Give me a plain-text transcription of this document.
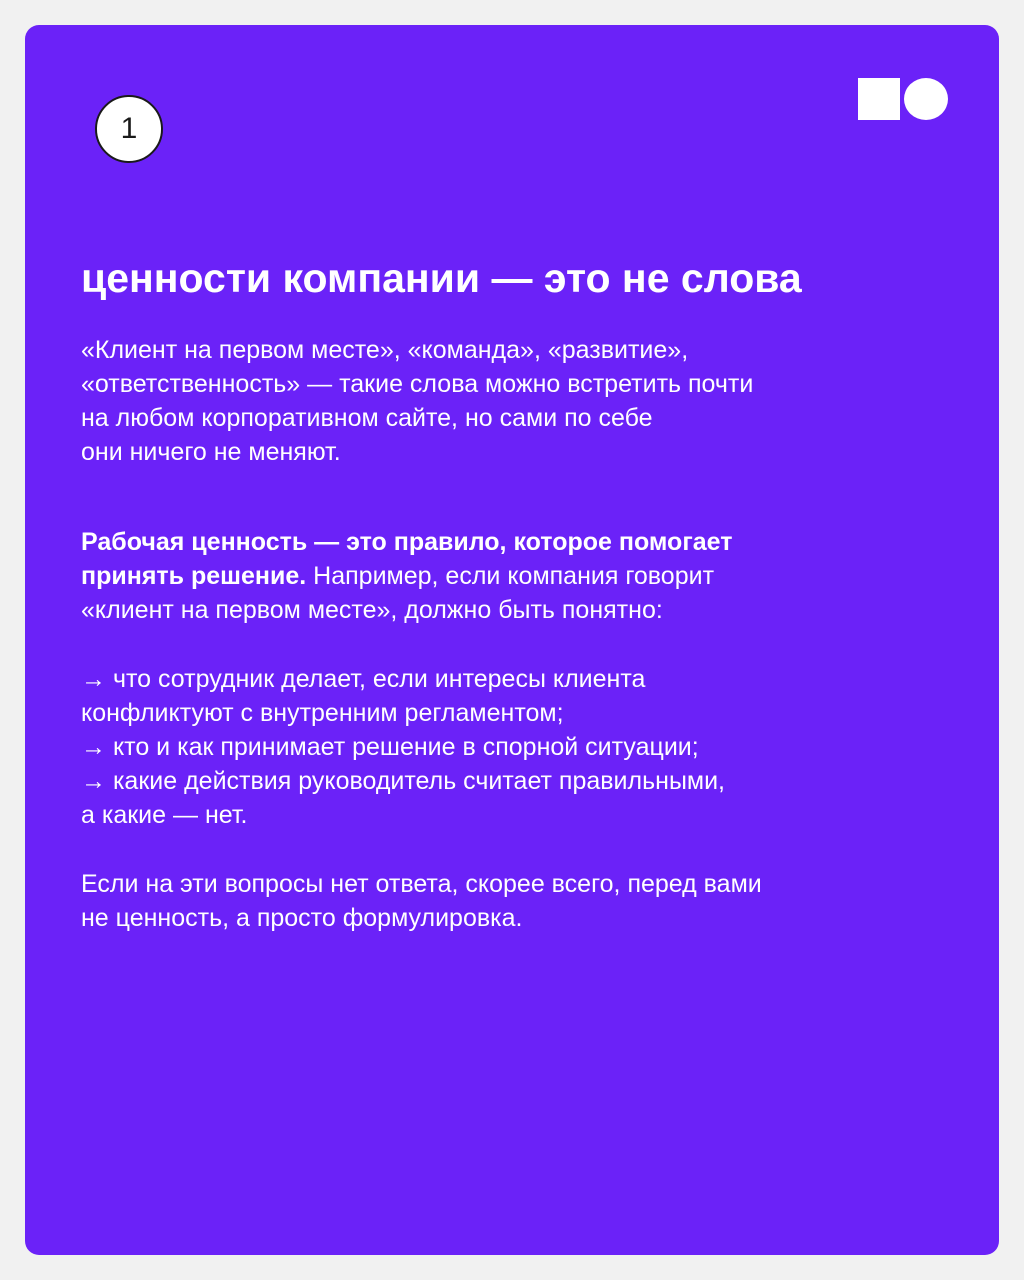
1
ценности компании — это не слова

«Клиент на первом месте», «команда», «развитие»,
«ответственность» — такие слова можно встретить почти
на любом корпоративном сайте, но сами по себе
они ничего не меняют.

Рабочая ценность — это правило, которое помогает
принять решение. Например, если компания говорит
«клиент на первом месте», должно быть понятно:

→ что сотрудник делает, если интересы клиента
конфликтуют с внутренним регламентом;
→ кто и как принимает решение в спорной ситуации;
→ какие действия руководитель считает правильными,
а какие — нет.

Если на эти вопросы нет ответа, скорее всего, перед вами
не ценность, а просто формулировка.
